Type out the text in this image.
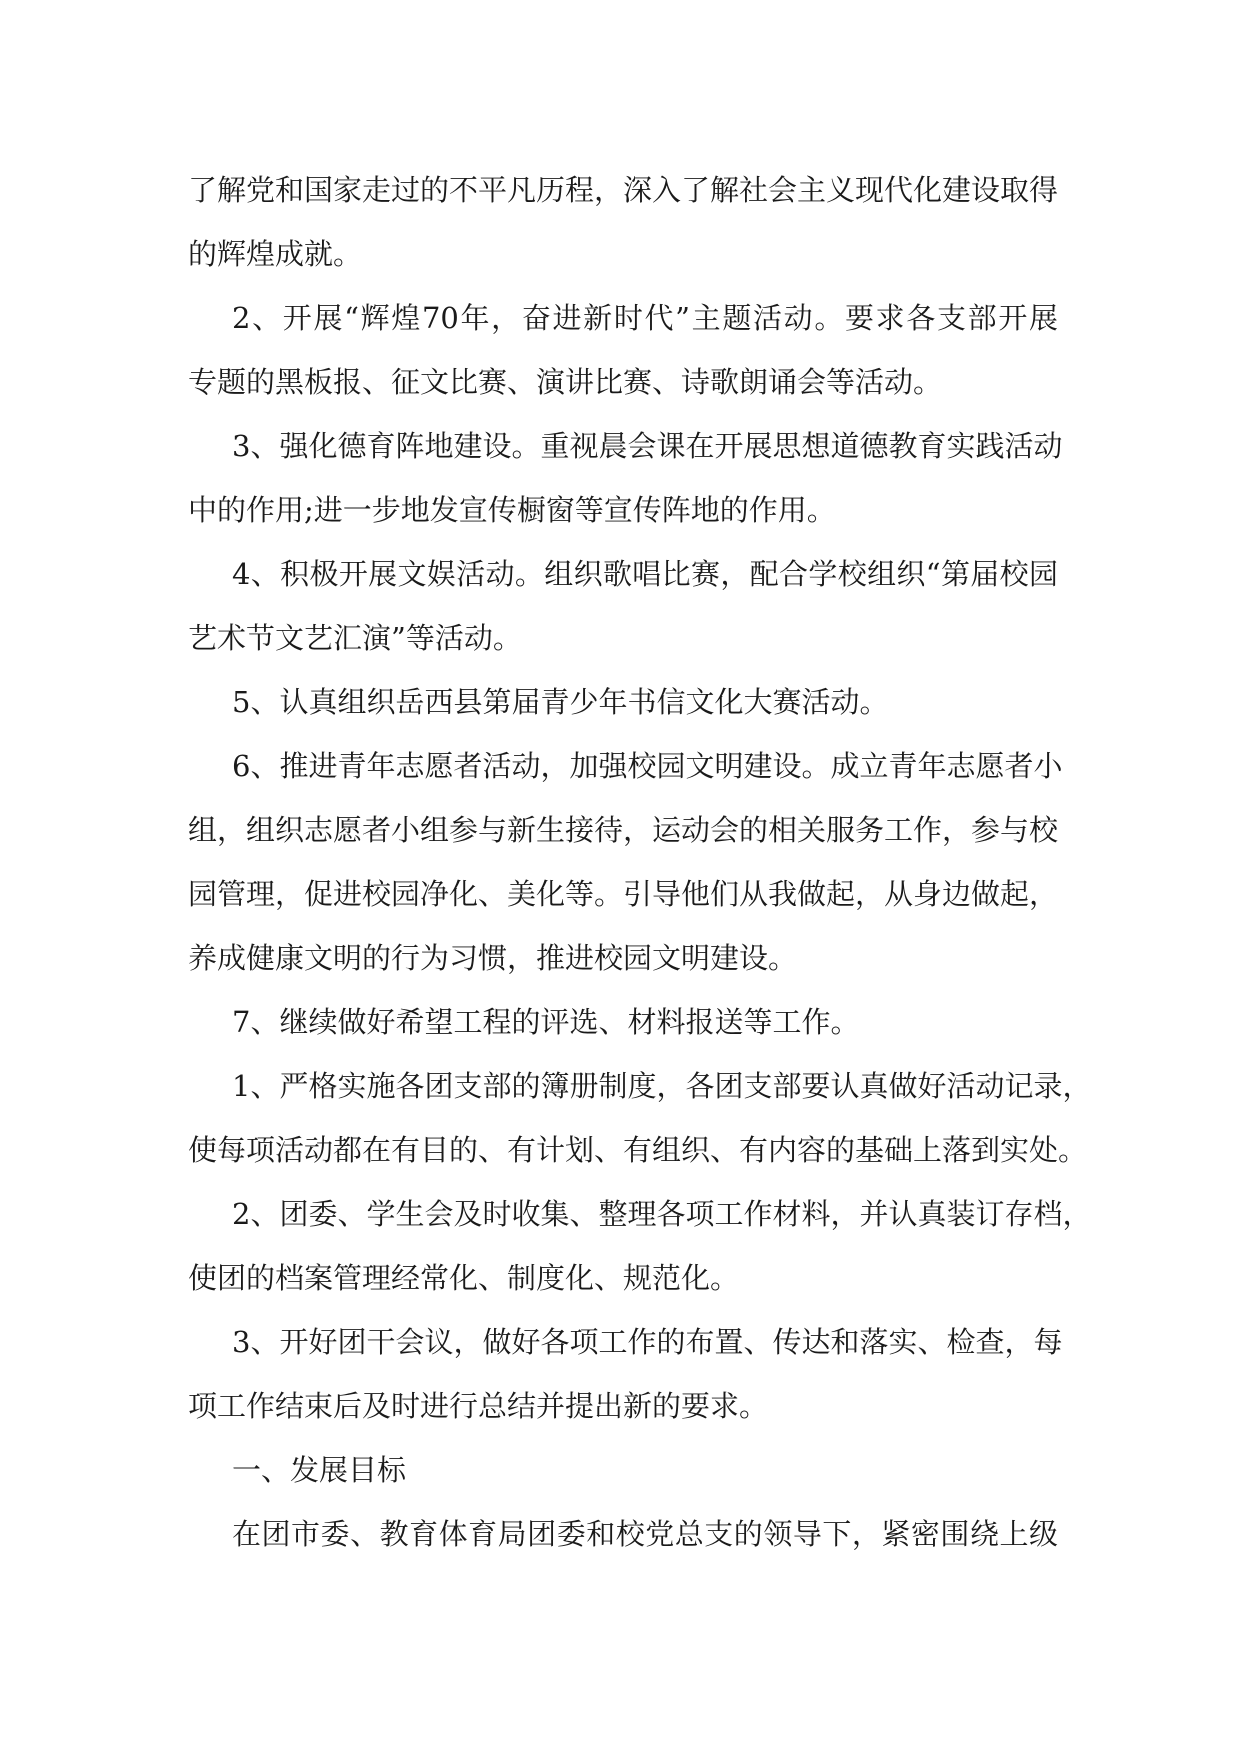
了解党和国家走过的不平凡历程，深入了解社会主义现代化建设取得
的辉煌成就。
2、开展“辉煌70年，奋进新时代”主题活动。要求各支部开展
专题的黑板报、征文比赛、演讲比赛、诗歌朗诵会等活动。
3、强化德育阵地建设。重视晨会课在开展思想道德教育实践活动
中的作用;进一步地发宣传橱窗等宣传阵地的作用。
4、积极开展文娱活动。组织歌唱比赛，配合学校组织“第届校园
艺术节文艺汇演”等活动。
5、认真组织岳西县第届青少年书信文化大赛活动。
6、推进青年志愿者活动，加强校园文明建设。成立青年志愿者小
组，组织志愿者小组参与新生接待，运动会的相关服务工作，参与校
园管理，促进校园净化、美化等。引导他们从我做起，从身边做起，
养成健康文明的行为习惯，推进校园文明建设。
7、继续做好希望工程的评选、材料报送等工作。
1、严格实施各团支部的簿册制度，各团支部要认真做好活动记录，
使每项活动都在有目的、有计划、有组织、有内容的基础上落到实处。
2、团委、学生会及时收集、整理各项工作材料，并认真装订存档，
使团的档案管理经常化、制度化、规范化。
3、开好团干会议，做好各项工作的布置、传达和落实、检查，每
项工作结束后及时进行总结并提出新的要求。
一、发展目标
在团市委、教育体育局团委和校党总支的领导下，紧密围绕上级
